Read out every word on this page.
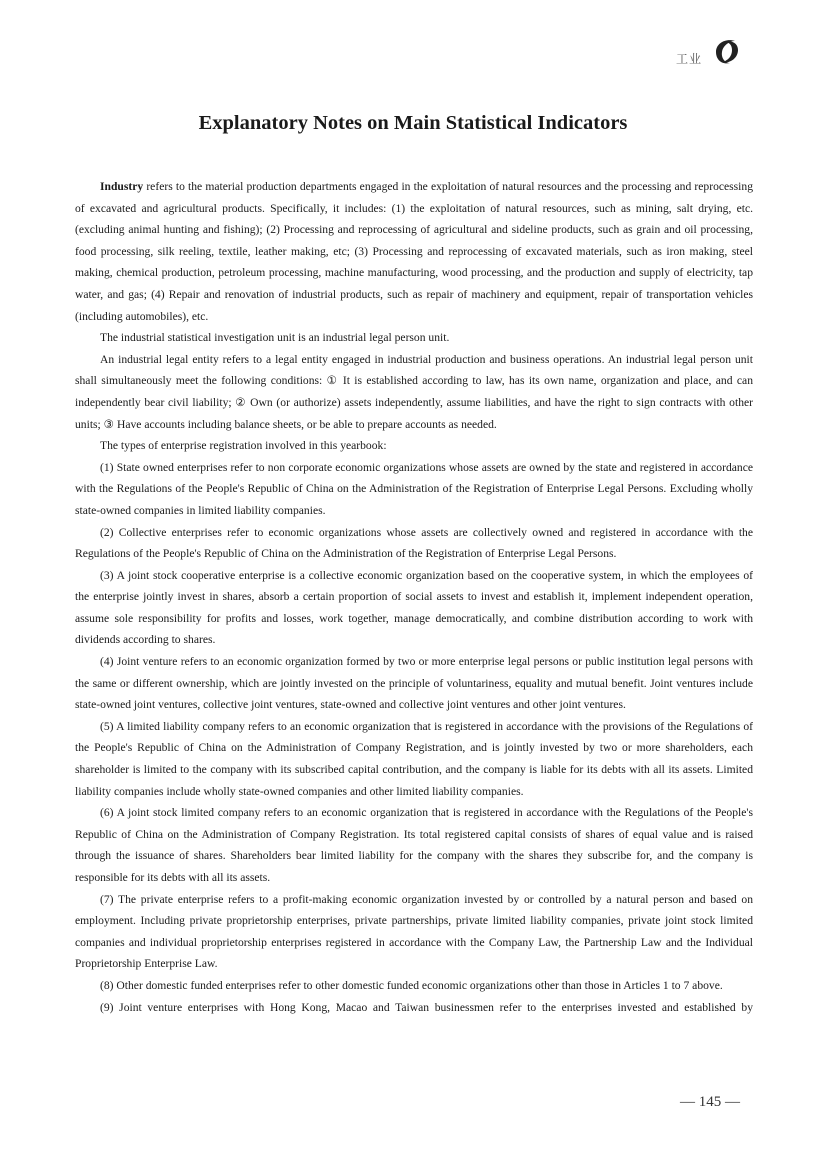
工业
Explanatory Notes on Main Statistical Indicators

Industry refers to the material production departments engaged in the exploitation of natural resources and the processing and reprocessing of excavated and agricultural products. Specifically, it includes: (1) the exploitation of natural resources, such as mining, salt drying, etc. (excluding animal hunting and fishing); (2) Processing and reprocessing of agricultural and sideline products, such as grain and oil processing, food processing, silk reeling, textile, leather making, etc; (3) Processing and reprocessing of excavated materials, such as iron making, steel making, chemical production, petroleum processing, machine manufacturing, wood processing, and the production and supply of electricity, tap water, and gas; (4) Repair and renovation of industrial products, such as repair of machinery and equipment, repair of transportation vehicles (including automobiles), etc.

The industrial statistical investigation unit is an industrial legal person unit.

An industrial legal entity refers to a legal entity engaged in industrial production and business operations. An industrial legal person unit shall simultaneously meet the following conditions: ① It is established according to law, has its own name, organization and place, and can independently bear civil liability; ② Own (or authorize) assets independently, assume liabilities, and have the right to sign contracts with other units; ③ Have accounts including balance sheets, or be able to prepare accounts as needed.

The types of enterprise registration involved in this yearbook:

(1) State owned enterprises refer to non corporate economic organizations whose assets are owned by the state and registered in accordance with the Regulations of the People's Republic of China on the Administration of the Registration of Enterprise Legal Persons. Excluding wholly state-owned companies in limited liability companies.

(2) Collective enterprises refer to economic organizations whose assets are collectively owned and registered in accordance with the Regulations of the People's Republic of China on the Administration of the Registration of Enterprise Legal Persons.

(3) A joint stock cooperative enterprise is a collective economic organization based on the cooperative system, in which the employees of the enterprise jointly invest in shares, absorb a certain proportion of social assets to invest and establish it, implement independent operation, assume sole responsibility for profits and losses, work together, manage democratically, and combine distribution according to work with dividends according to shares.

(4) Joint venture refers to an economic organization formed by two or more enterprise legal persons or public institution legal persons with the same or different ownership, which are jointly invested on the principle of voluntariness, equality and mutual benefit. Joint ventures include state-owned joint ventures, collective joint ventures, state-owned and collective joint ventures and other joint ventures.

(5) A limited liability company refers to an economic organization that is registered in accordance with the provisions of the Regulations of the People's Republic of China on the Administration of Company Registration, and is jointly invested by two or more shareholders, each shareholder is limited to the company with its subscribed capital contribution, and the company is liable for its debts with all its assets. Limited liability companies include wholly state-owned companies and other limited liability companies.

(6) A joint stock limited company refers to an economic organization that is registered in accordance with the Regulations of the People's Republic of China on the Administration of Company Registration. Its total registered capital consists of shares of equal value and is raised through the issuance of shares. Shareholders bear limited liability for the company with the shares they subscribe for, and the company is responsible for its debts with all its assets.

(7) The private enterprise refers to a profit-making economic organization invested by or controlled by a natural person and based on employment. Including private proprietorship enterprises, private partnerships, private limited liability companies, private joint stock limited companies and individual proprietorship enterprises registered in accordance with the Company Law, the Partnership Law and the Individual Proprietorship Enterprise Law.

(8) Other domestic funded enterprises refer to other domestic funded economic organizations other than those in Articles 1 to 7 above.

(9) Joint venture enterprises with Hong Kong, Macao and Taiwan businessmen refer to the enterprises invested and established by

— 145 —
